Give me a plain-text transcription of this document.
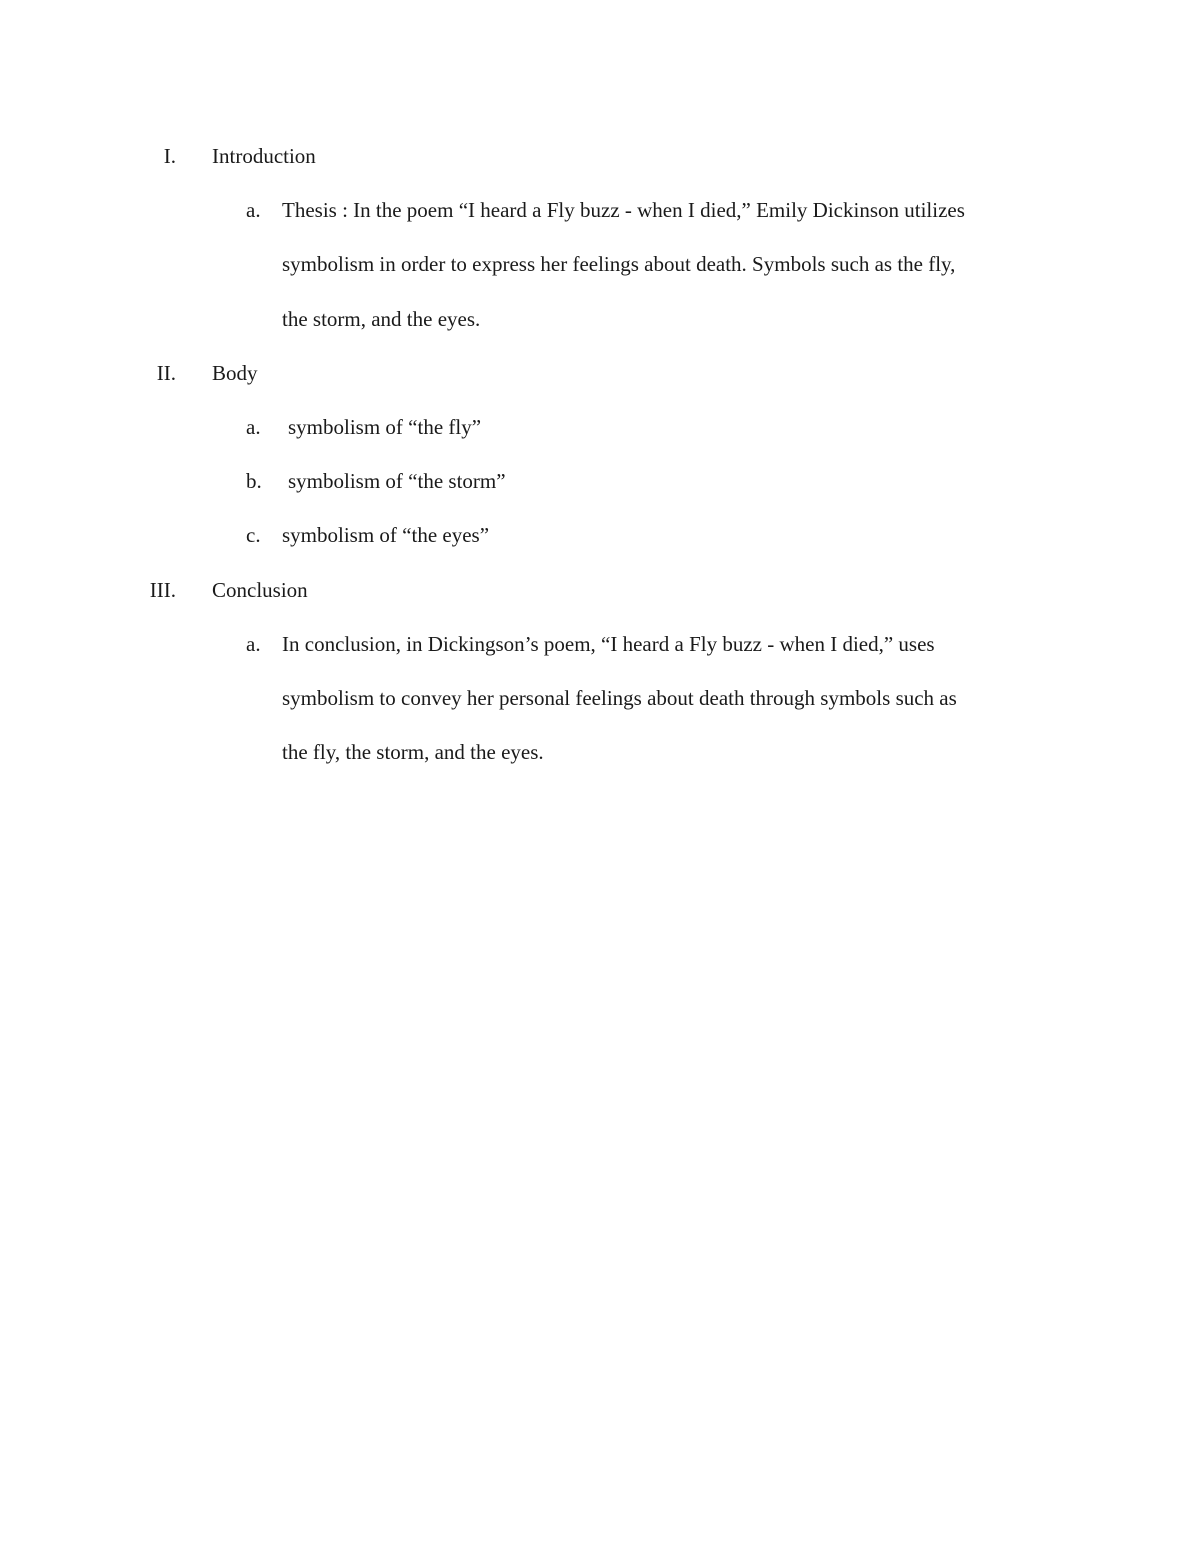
I. Introduction
a. Thesis : In the poem “I heard a Fly buzz - when I died,” Emily Dickinson utilizes
symbolism in order to express her feelings about death. Symbols such as the fly,
the storm, and the eyes.
II. Body
a. symbolism of “the fly”
b. symbolism of “the storm”
c. symbolism of “the eyes”
III. Conclusion
a. In conclusion, in Dickingson’s poem, “I heard a Fly buzz - when I died,” uses
symbolism to convey her personal feelings about death through symbols such as
the fly, the storm, and the eyes.
